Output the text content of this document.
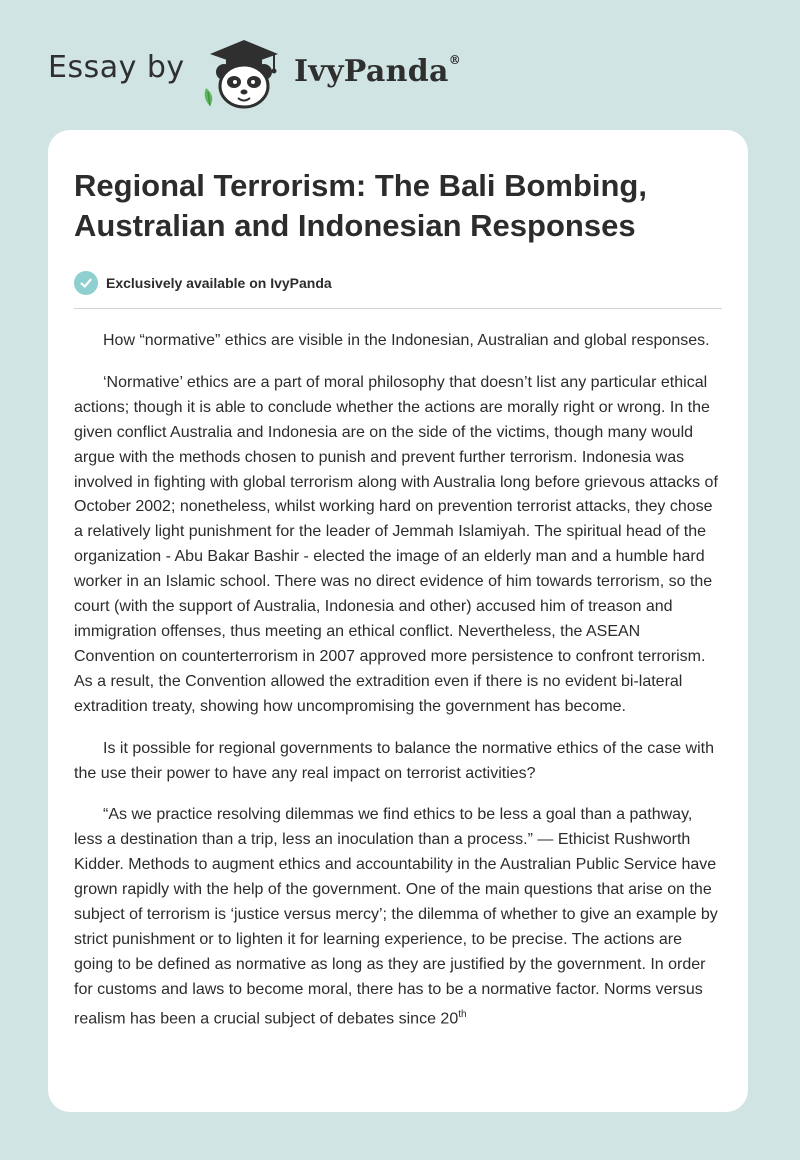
Essay by	IvyPanda®
Regional Terrorism: The Bali Bombing, Australian and Indonesian Responses
Exclusively available on IvyPanda

How “normative” ethics are visible in the Indonesian, Australian and global responses.

‘Normative’ ethics are a part of moral philosophy that doesn’t list any particular ethical actions; though it is able to conclude whether the actions are morally right or wrong. In the given conflict Australia and Indonesia are on the side of the victims, though many would argue with the methods chosen to punish and prevent further terrorism. Indonesia was involved in fighting with global terrorism along with Australia long before grievous attacks of October 2002; nonetheless, whilst working hard on prevention terrorist attacks, they chose a relatively light punishment for the leader of Jemmah Islamiyah. The spiritual head of the organization - Abu Bakar Bashir - elected the image of an elderly man and a humble hard worker in an Islamic school. There was no direct evidence of him towards terrorism, so the court (with the support of Australia, Indonesia and other) accused him of treason and immigration offenses, thus meeting an ethical conflict. Nevertheless, the ASEAN Convention on counterterrorism in 2007 approved more persistence to confront terrorism. As a result, the Convention allowed the extradition even if there is no evident bi-lateral extradition treaty, showing how uncompromising the government has become.

Is it possible for regional governments to balance the normative ethics of the case with the use their power to have any real impact on terrorist activities?

“As we practice resolving dilemmas we find ethics to be less a goal than a pathway, less a destination than a trip, less an inoculation than a process.” — Ethicist Rushworth Kidder. Methods to augment ethics and accountability in the Australian Public Service have grown rapidly with the help of the government. One of the main questions that arise on the subject of terrorism is ‘justice versus mercy’; the dilemma of whether to give an example by strict punishment or to lighten it for learning experience, to be precise. The actions are going to be defined as normative as long as they are justified by the government. In order for customs and laws to become moral, there has to be a normative factor. Norms versus realism has been a crucial subject of debates since 20th
